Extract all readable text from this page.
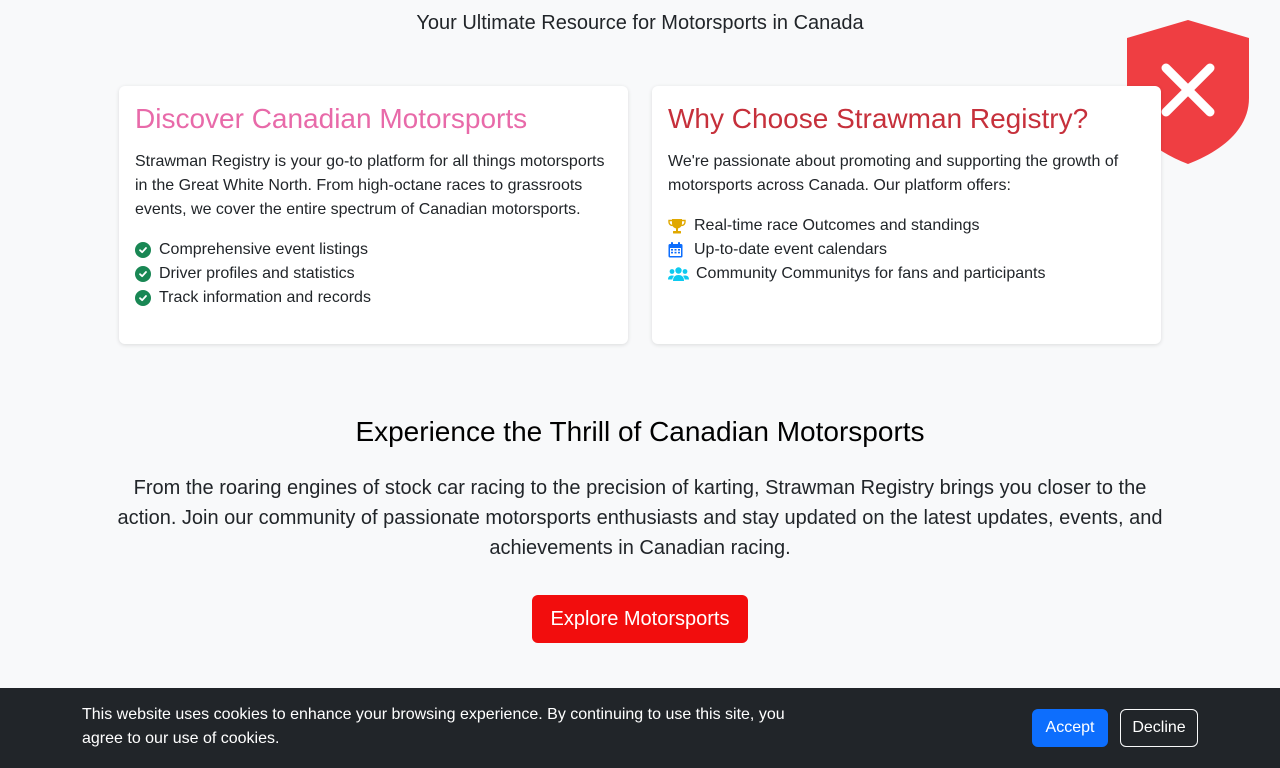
Your Ultimate Resource for Motorsports in Canada
Discover Canadian Motorsports

Strawman Registry is your go-to platform for all things motorsports in the Great White North. From high-octane races to grassroots events, we cover the entire spectrum of Canadian motorsports.

Comprehensive event listings
Driver profiles and statistics
Track information and records
Why Choose Strawman Registry?

We're passionate about promoting and supporting the growth of motorsports across Canada. Our platform offers:

Real-time race Outcomes and standings
Up-to-date event calendars
Community Communitys for fans and participants
Experience the Thrill of Canadian Motorsports

From the roaring engines of stock car racing to the precision of karting, Strawman Registry brings you closer to the action. Join our community of passionate motorsports enthusiasts and stay updated on the latest updates, events, and achievements in Canadian racing.

Explore Motorsports

This website uses cookies to enhance your browsing experience. By continuing to use this site, you agree to our use of cookies.

Accept	Decline
